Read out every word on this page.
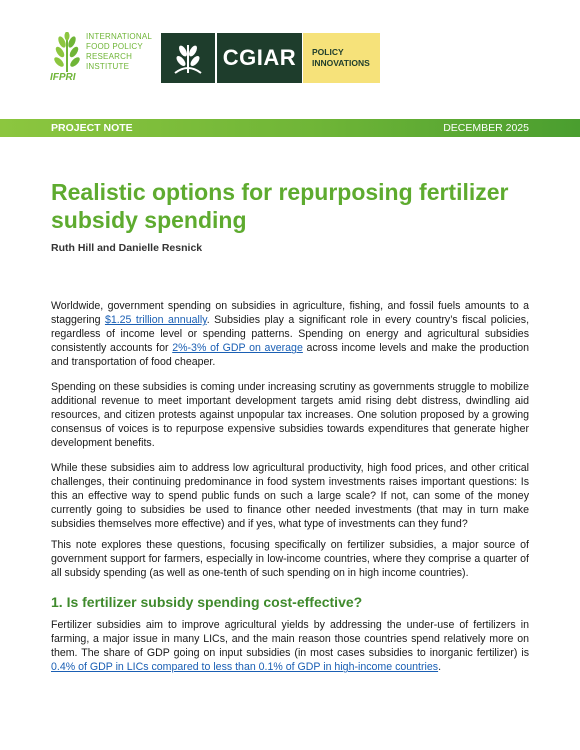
INTERNATIONAL
FOOD POLICY
RESEARCH
INSTITUTE
IFPRI
CGIAR	POLICY
INNOVATIONS
PROJECT NOTE	DECEMBER 2025
Realistic options for repurposing fertilizer subsidy spending
Ruth Hill and Danielle Resnick

Worldwide, government spending on subsidies in agriculture, fishing, and fossil fuels amounts to a staggering $1.25 trillion annually. Subsidies play a significant role in every country’s fiscal policies, regardless of income level or spending patterns. Spending on energy and agricultural subsidies consistently accounts for 2%-3% of GDP on average across income levels and make the production and transportation of food cheaper.

Spending on these subsidies is coming under increasing scrutiny as governments struggle to mobilize additional revenue to meet important development targets amid rising debt distress, dwindling aid resources, and citizen protests against unpopular tax increases. One solution proposed by a growing consensus of voices is to repurpose expensive subsidies towards expenditures that generate higher development benefits.

While these subsidies aim to address low agricultural productivity, high food prices, and other critical challenges, their continuing predominance in food system investments raises important questions: Is this an effective way to spend public funds on such a large scale? If not, can some of the money currently going to subsidies be used to finance other needed investments (that may in turn make subsidies themselves more effective) and if yes, what type of investments can they fund?

This note explores these questions, focusing specifically on fertilizer subsidies, a major source of government support for farmers, especially in low-income countries, where they comprise a quarter of all subsidy spending (as well as one-tenth of such spending on in high income countries).

1. Is fertilizer subsidy spending cost-effective?

Fertilizer subsidies aim to improve agricultural yields by addressing the under-use of fertilizers in farming, a major issue in many LICs, and the main reason those countries spend relatively more on them. The share of GDP going on input subsidies (in most cases subsidies to inorganic fertilizer) is 0.4% of GDP in LICs compared to less than 0.1% of GDP in high-income countries.
